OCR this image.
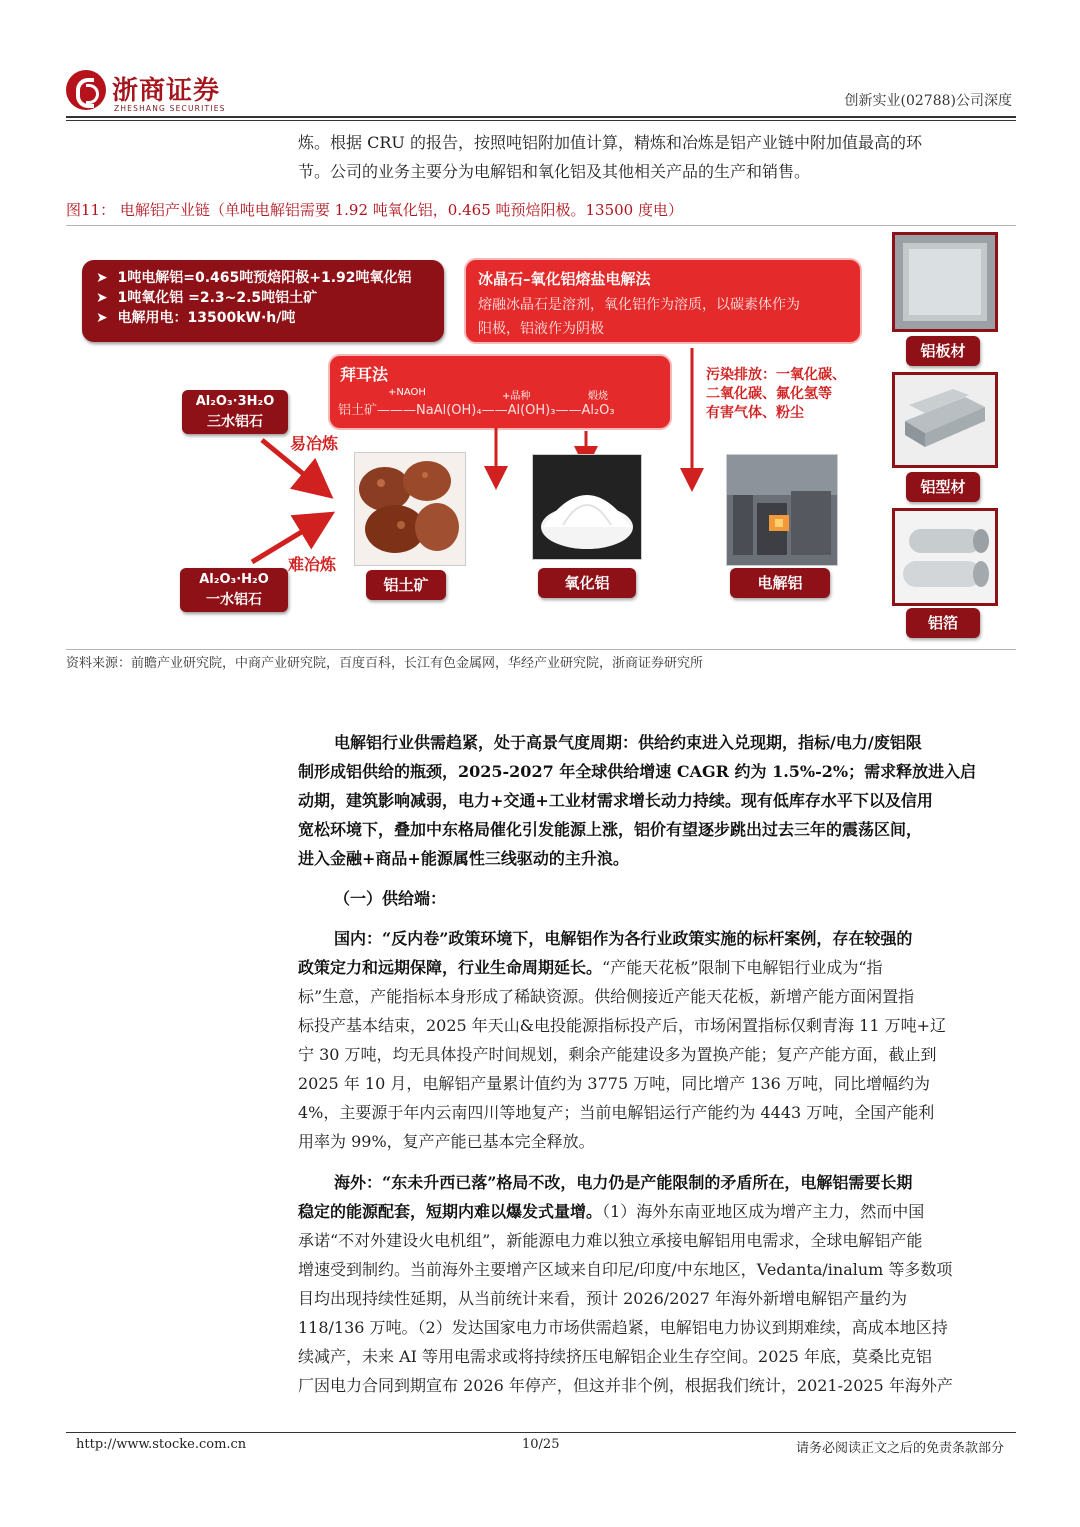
浙商证券
ZHESHANG SECURITIES	创新实业(02788)公司深度
炼。根据 CRU 的报告，按照吨铝附加值计算，精炼和冶炼是铝产业链中附加值最高的环
节。公司的业务主要分为电解铝和氧化铝及其他相关产品的生产和销售。
图11： 电解铝产业链（单吨电解铝需要 1.92 吨氧化铝，0.465 吨预焙阳极。13500 度电）
➤ 1吨电解铝=0.465吨预焙阳极+1.92吨氧化铝
➤ 1吨氧化铝 =2.3~2.5吨铝土矿
➤ 电解用电：13500kW·h/吨
冰晶石–氧化铝熔盐电解法
熔融冰晶石是溶剂，氧化铝作为溶质，以碳素体作为
阳极，铝液作为阴极
拜耳法
+NAOH	+晶种	煅烧
铝土矿———NaAl(OH)₄——Al(OH)₃——Al₂O₃
污染排放：一氧化碳、
二氧化碳、氟化氢等
有害气体、粉尘
Al₂O₃·3H₂O
三水铝石
易冶炼
Al₂O₃·H₂O
一水铝石
难冶炼
铝土矿	氧化铝	电解铝
铝板材
铝型材
铝箔
资料来源：前瞻产业研究院，中商产业研究院，百度百科，长江有色金属网，华经产业研究院，浙商证券研究所
电解铝行业供需趋紧，处于高景气度周期：供给约束进入兑现期，指标/电力/废铝限
制形成铝供给的瓶颈，2025-2027 年全球供给增速 CAGR 约为 1.5%-2%；需求释放进入启
动期，建筑影响减弱，电力+交通+工业材需求增长动力持续。现有低库存水平下以及信用
宽松环境下，叠加中东格局催化引发能源上涨，铝价有望逐步跳出过去三年的震荡区间，
进入金融+商品+能源属性三线驱动的主升浪。
（一）供给端：
国内：“反内卷”政策环境下，电解铝作为各行业政策实施的标杆案例，存在较强的
政策定力和远期保障，行业生命周期延长。“产能天花板”限制下电解铝行业成为“指
标”生意，产能指标本身形成了稀缺资源。供给侧接近产能天花板，新增产能方面闲置指
标投产基本结束，2025 年天山&电投能源指标投产后，市场闲置指标仅剩青海 11 万吨+辽
宁 30 万吨，均无具体投产时间规划，剩余产能建设多为置换产能；复产产能方面，截止到
2025 年 10 月，电解铝产量累计值约为 3775 万吨，同比增产 136 万吨，同比增幅约为
4%，主要源于年内云南四川等地复产；当前电解铝运行产能约为 4443 万吨，全国产能利
用率为 99%，复产产能已基本完全释放。
海外：“东未升西已落”格局不改，电力仍是产能限制的矛盾所在，电解铝需要长期
稳定的能源配套，短期内难以爆发式量增。（1）海外东南亚地区成为增产主力，然而中国
承诺“不对外建设火电机组”，新能源电力难以独立承接电解铝用电需求，全球电解铝产能
增速受到制约。当前海外主要增产区域来自印尼/印度/中东地区，Vedanta/inalum 等多数项
目均出现持续性延期，从当前统计来看，预计 2026/2027 年海外新增电解铝产量约为
118/136 万吨。（2）发达国家电力市场供需趋紧，电解铝电力协议到期难续，高成本地区持
续减产，未来 AI 等用电需求或将持续挤压电解铝企业生存空间。2025 年底，莫桑比克铝
厂因电力合同到期宣布 2026 年停产，但这并非个例，根据我们统计，2021-2025 年海外产
http://www.stocke.com.cn	10/25	请务必阅读正文之后的免责条款部分
